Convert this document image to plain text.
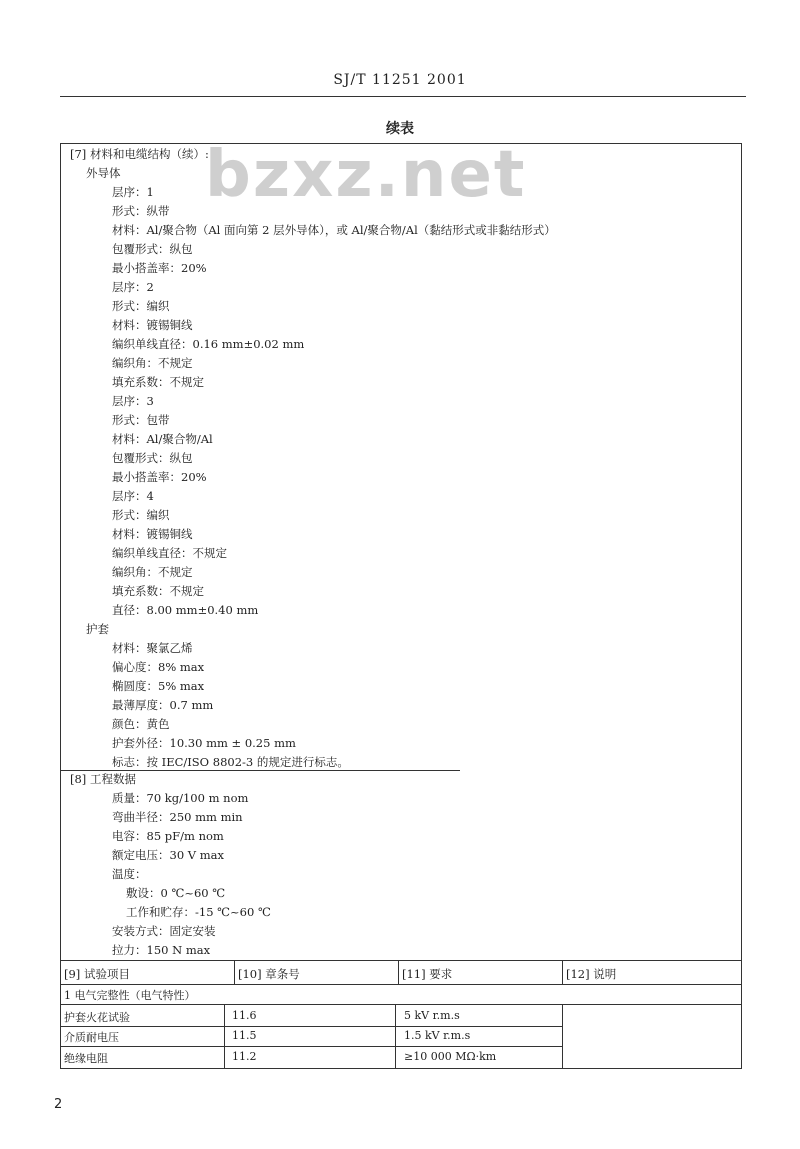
SJ/T 11251 2001
续表
bzxz.net
[7] 材料和电缆结构（续）:
外导体
层序：1
形式：纵带
材料：Al/聚合物（Al 面向第 2 层外导体），或 Al/聚合物/Al（黏结形式或非黏结形式）
包覆形式：纵包
最小搭盖率：20%
层序：2
形式：编织
材料：镀锡铜线
编织单线直径：0.16 mm±0.02 mm
编织角：不规定
填充系数：不规定
层序：3
形式：包带
材料：Al/聚合物/Al
包覆形式：纵包
最小搭盖率：20%
层序：4
形式：编织
材料：镀锡铜线
编织单线直径：不规定
编织角：不规定
填充系数：不规定
直径：8.00 mm±0.40 mm
护套
材料：聚氯乙烯
偏心度：8% max
椭圆度：5% max
最薄厚度：0.7 mm
颜色：黄色
护套外径：10.30 mm ± 0.25 mm
标志：按 IEC/ISO 8802-3 的规定进行标志。
[8] 工程数据
质量：70 kg/100 m nom
弯曲半径：250 mm min
电容：85 pF/m nom
额定电压：30 V max
温度：
敷设：0 ℃~60 ℃
工作和贮存：-15 ℃~60 ℃
安装方式：固定安装
拉力：150 N max
[9] 试验项目	[10] 章条号	[11] 要求	[12] 说明
1 电气完整性（电气特性）
护套火花试验	11.6	5 kV r.m.s
介质耐电压	11.5	1.5 kV r.m.s
绝缘电阻	11.2	≥10 000 MΩ·km
2
